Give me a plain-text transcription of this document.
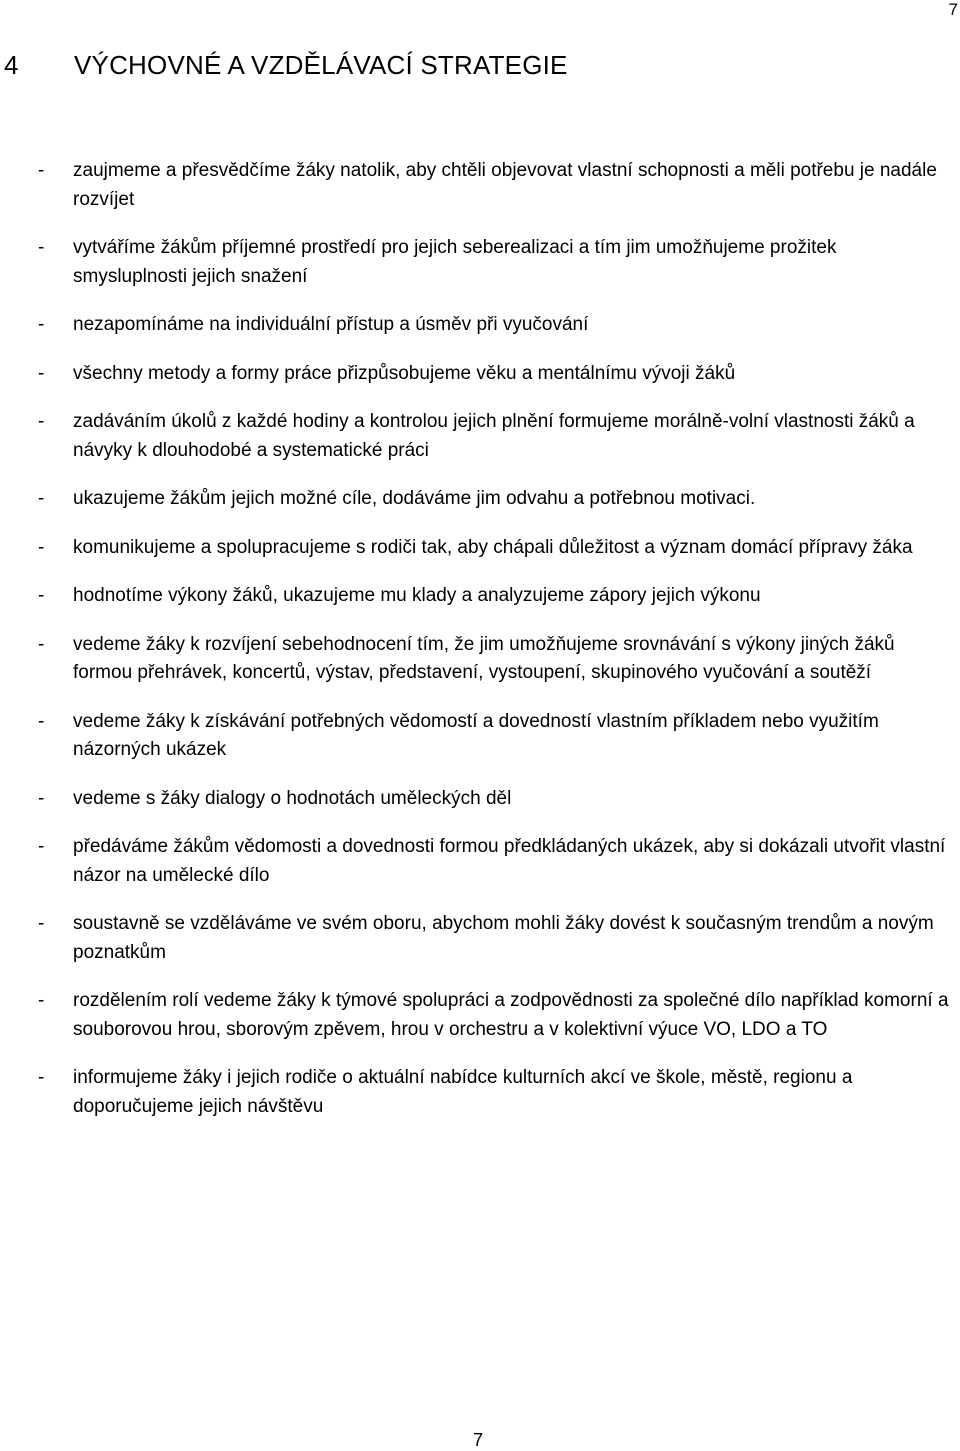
7
4 VÝCHOVNÉ A VZDĚLÁVACÍ STRATEGIE
- zaujmeme a přesvědčíme žáky natolik, aby chtěli objevovat vlastní schopnosti a měli potřebu je nadále rozvíjet
- vytváříme žákům příjemné prostředí pro jejich seberealizaci a tím jim umožňujeme prožitek smysluplnosti jejich snažení
- nezapomínáme na individuální přístup a úsměv při vyučování
- všechny metody a formy práce přizpůsobujeme věku a mentálnímu vývoji žáků
- zadáváním úkolů z každé hodiny a kontrolou jejich plnění formujeme morálně-volní vlastnosti žáků a návyky k dlouhodobé a systematické práci
- ukazujeme žákům jejich možné cíle, dodáváme jim odvahu a potřebnou motivaci.
- komunikujeme a spolupracujeme s rodiči tak, aby chápali důležitost a význam domácí přípravy žáka
- hodnotíme výkony žáků, ukazujeme mu klady a analyzujeme zápory jejich výkonu
- vedeme žáky k rozvíjení sebehodnocení tím, že jim umožňujeme srovnávání s výkony jiných žáků formou přehrávek, koncertů, výstav, představení, vystoupení, skupinového vyučování a soutěží
- vedeme žáky k získávání potřebných vědomostí a dovedností vlastním příkladem nebo využitím názorných ukázek
- vedeme s žáky dialogy o hodnotách uměleckých děl
- předáváme žákům vědomosti a dovednosti formou předkládaných ukázek, aby si dokázali utvořit vlastní názor na umělecké dílo
- soustavně se vzděláváme ve svém oboru, abychom mohli žáky dovést k současným trendům a novým poznatkům
- rozdělením rolí vedeme žáky k týmové spolupráci a zodpovědnosti za společné dílo například komorní a souborovou hrou, sborovým zpěvem, hrou v orchestru a v kolektivní výuce VO, LDO a TO
- informujeme žáky i jejich rodiče o aktuální nabídce kulturních akcí ve škole, městě, regionu a doporučujeme jejich návštěvu
7
